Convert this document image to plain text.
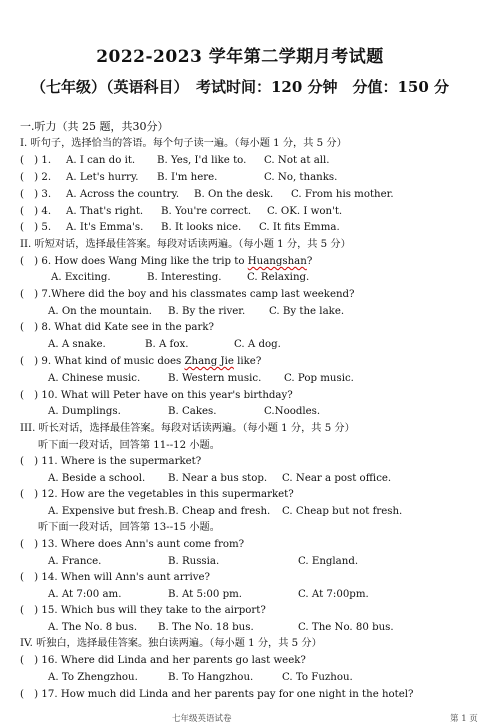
2022-2023 学年第二学期月考试题
（七年级）（英语科目）　考试时间：120 分钟　分值：150 分
一.听力（共 25 题，共30分）
I. 听句子，选择恰当的答语。每个句子读一遍。（每小题 1 分，共 5 分）
(　) 1. A. I can do it. B. Yes, I'd like to. C. Not at all.
(　) 2. A. Let's hurry. B. I'm here.	C. No, thanks.
(　) 3. A. Across the country. B. On the desk. C. From his mother.
(　) 4. A. That's right. B. You're correct. C. OK. I won't.
(　) 5. A. It's Emma's. B. It looks nice. C. It fits Emma.
II. 听短对话，选择最佳答案。每段对话读两遍。（每小题 1 分，共 5 分）
(　) 6. How does Wang Ming like the trip to Huangshan?
A. Exciting.	B. Interesting.	C. Relaxing.
(　) 7.Where did the boy and his classmates camp last weekend?
A. On the mountain. B. By the river. C. By the lake.
(　) 8. What did Kate see in the park?
A. A snake.	B. A fox.	C. A dog.
(　) 9. What kind of music does Zhang Jie like?
A. Chinese music.	B. Western music. C. Pop music.
(　) 10. What will Peter have on this year's birthday?
A. Dumplings.	B. Cakes.	C.Noodles.
III. 听长对话，选择最佳答案。每段对话读两遍。（每小题 1 分，共 5 分）
听下面一段对话，回答第 11--12 小题。
(　) 11. Where is the supermarket?
A. Beside a school. B. Near a bus stop. C. Near a post office.
(　) 12. How are the vegetables in this supermarket?
A. Expensive but fresh. B. Cheap and fresh. C. Cheap but not fresh.
听下面一段对话，回答第 13--15 小题。
(　) 13. Where does Ann's aunt come from?
A. France.	B. Russia.	C. England.
(　) 14. When will Ann's aunt arrive?
A. At 7:00 am.	B. At 5:00 pm.	C. At 7:00pm.
(　) 15. Which bus will they take to the airport?
A. The No. 8 bus. B. The No. 18 bus.	C. The No. 80 bus.
IV. 听独白，选择最佳答案。独白读两遍。（每小题 1 分，共 5 分）
(　) 16. Where did Linda and her parents go last week?
A. To Zhengzhou.	B. To Hangzhou.	C. To Fuzhou.
(　) 17. How much did Linda and her parents pay for one night in the hotel?
七年级英语试卷	第 1 页
